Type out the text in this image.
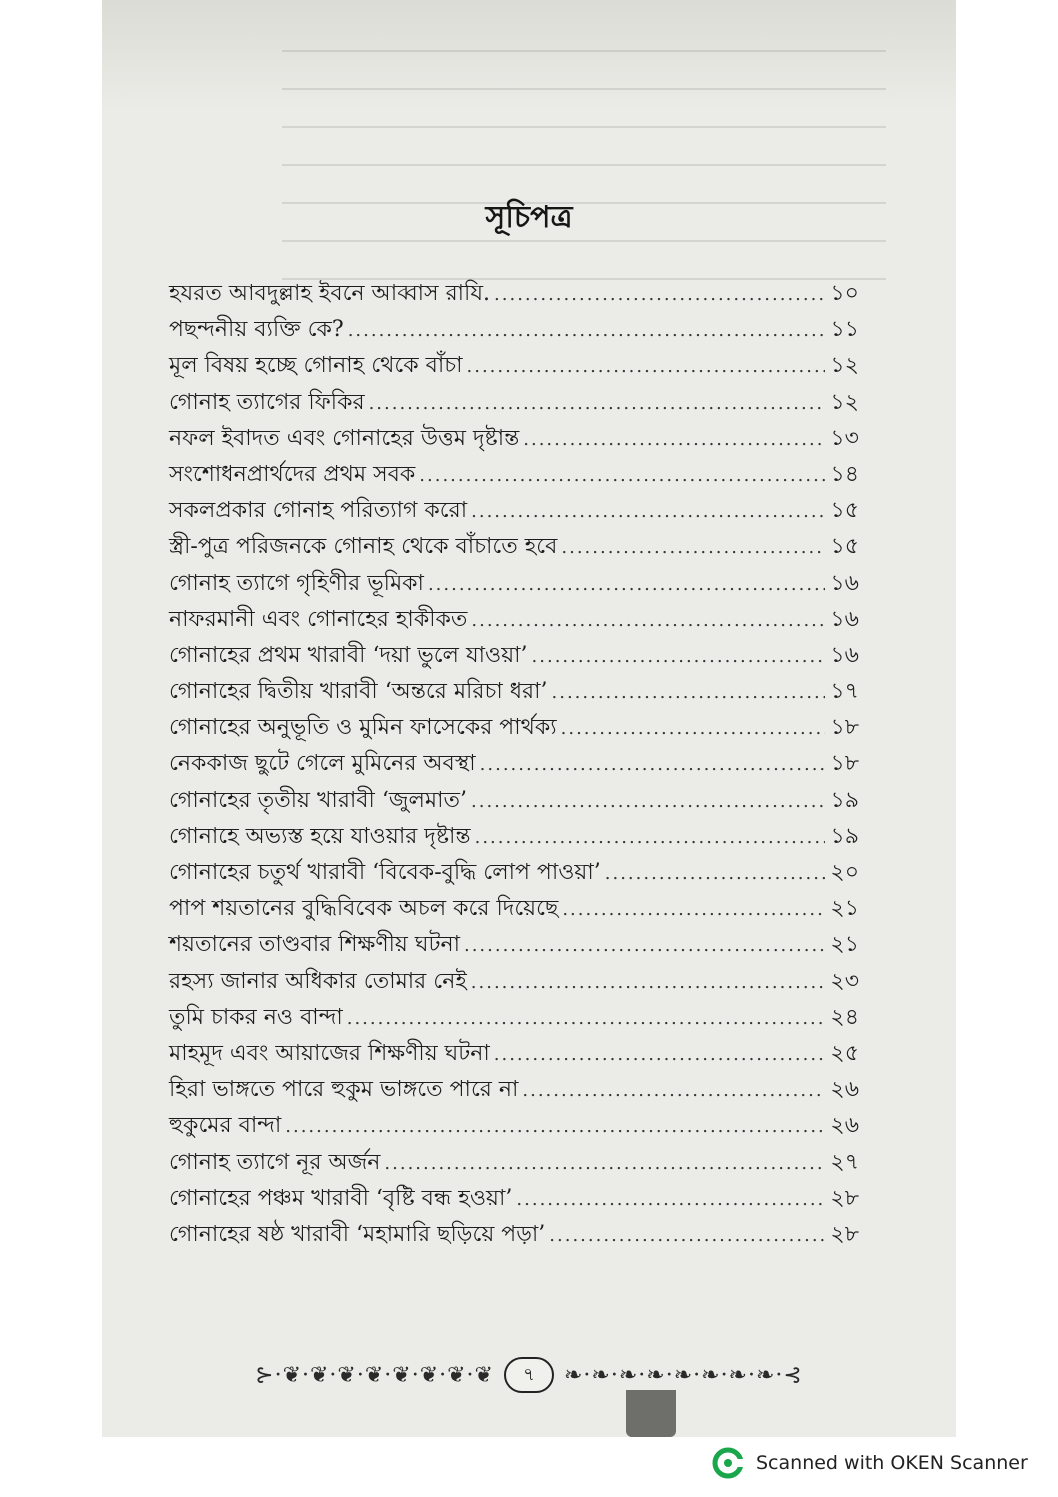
সূচিপত্র
হযরত আবদুল্লাহ ইবনে আব্বাস রাযি. .....	১০
পছন্দনীয় ব্যক্তি কে? .....	১১
মূল বিষয় হচ্ছে গোনাহ থেকে বাঁচা .....	১২
গোনাহ ত্যাগের ফিকির .....	১২
নফল ইবাদত এবং গোনাহের উত্তম দৃষ্টান্ত .....	১৩
সংশোধনপ্রার্থদের প্রথম সবক .....	১৪
সকলপ্রকার গোনাহ পরিত্যাগ করো .....	১৫
স্ত্রী-পুত্র পরিজনকে গোনাহ থেকে বাঁচাতে হবে .....	১৫
গোনাহ ত্যাগে গৃহিণীর ভূমিকা .....	১৬
নাফরমানী এবং গোনাহের হাকীকত .....	১৬
গোনাহের প্রথম খারাবী ‘দয়া ভুলে যাওয়া’ .....	১৬
গোনাহের দ্বিতীয় খারাবী ‘অন্তরে মরিচা ধরা’ .....	১৭
গোনাহের অনুভূতি ও মুমিন ফাসেকের পার্থক্য .....	১৮
নেককাজ ছুটে গেলে মুমিনের অবস্থা .....	১৮
গোনাহের তৃতীয় খারাবী ‘জুলমাত’ .....	১৯
গোনাহে অভ্যস্ত হয়ে যাওয়ার দৃষ্টান্ত .....	১৯
গোনাহের চতুর্থ খারাবী ‘বিবেক-বুদ্ধি লোপ পাওয়া’ .....	২০
পাপ শয়তানের বুদ্ধিবিবেক অচল করে দিয়েছে .....	২১
শয়তানের তাণ্ডবার শিক্ষণীয় ঘটনা .....	২১
রহস্য জানার অধিকার তোমার নেই .....	২৩
তুমি চাকর নও বান্দা .....	২৪
মাহমূদ এবং আয়াজের শিক্ষণীয় ঘটনা .....	২৫
হিরা ভাঙ্গতে পারে হুকুম ভাঙ্গতে পারে না .....	২৬
হুকুমের বান্দা .....	২৬
গোনাহ ত্যাগে নূর অর্জন .....	২৭
গোনাহের পঞ্চম খারাবী ‘বৃষ্টি বন্ধ হওয়া’ .....	২৮
গোনাহের ষষ্ঠ খারাবী ‘মহামারি ছড়িয়ে পড়া’ .....	২৮
⊱·❦·❦·❦·❦·❦·❦·❦·❦ ৭ ❧·❧·❧·❧·❧·❧·❧·❧·⊰
Scanned with OKEN Scanner
